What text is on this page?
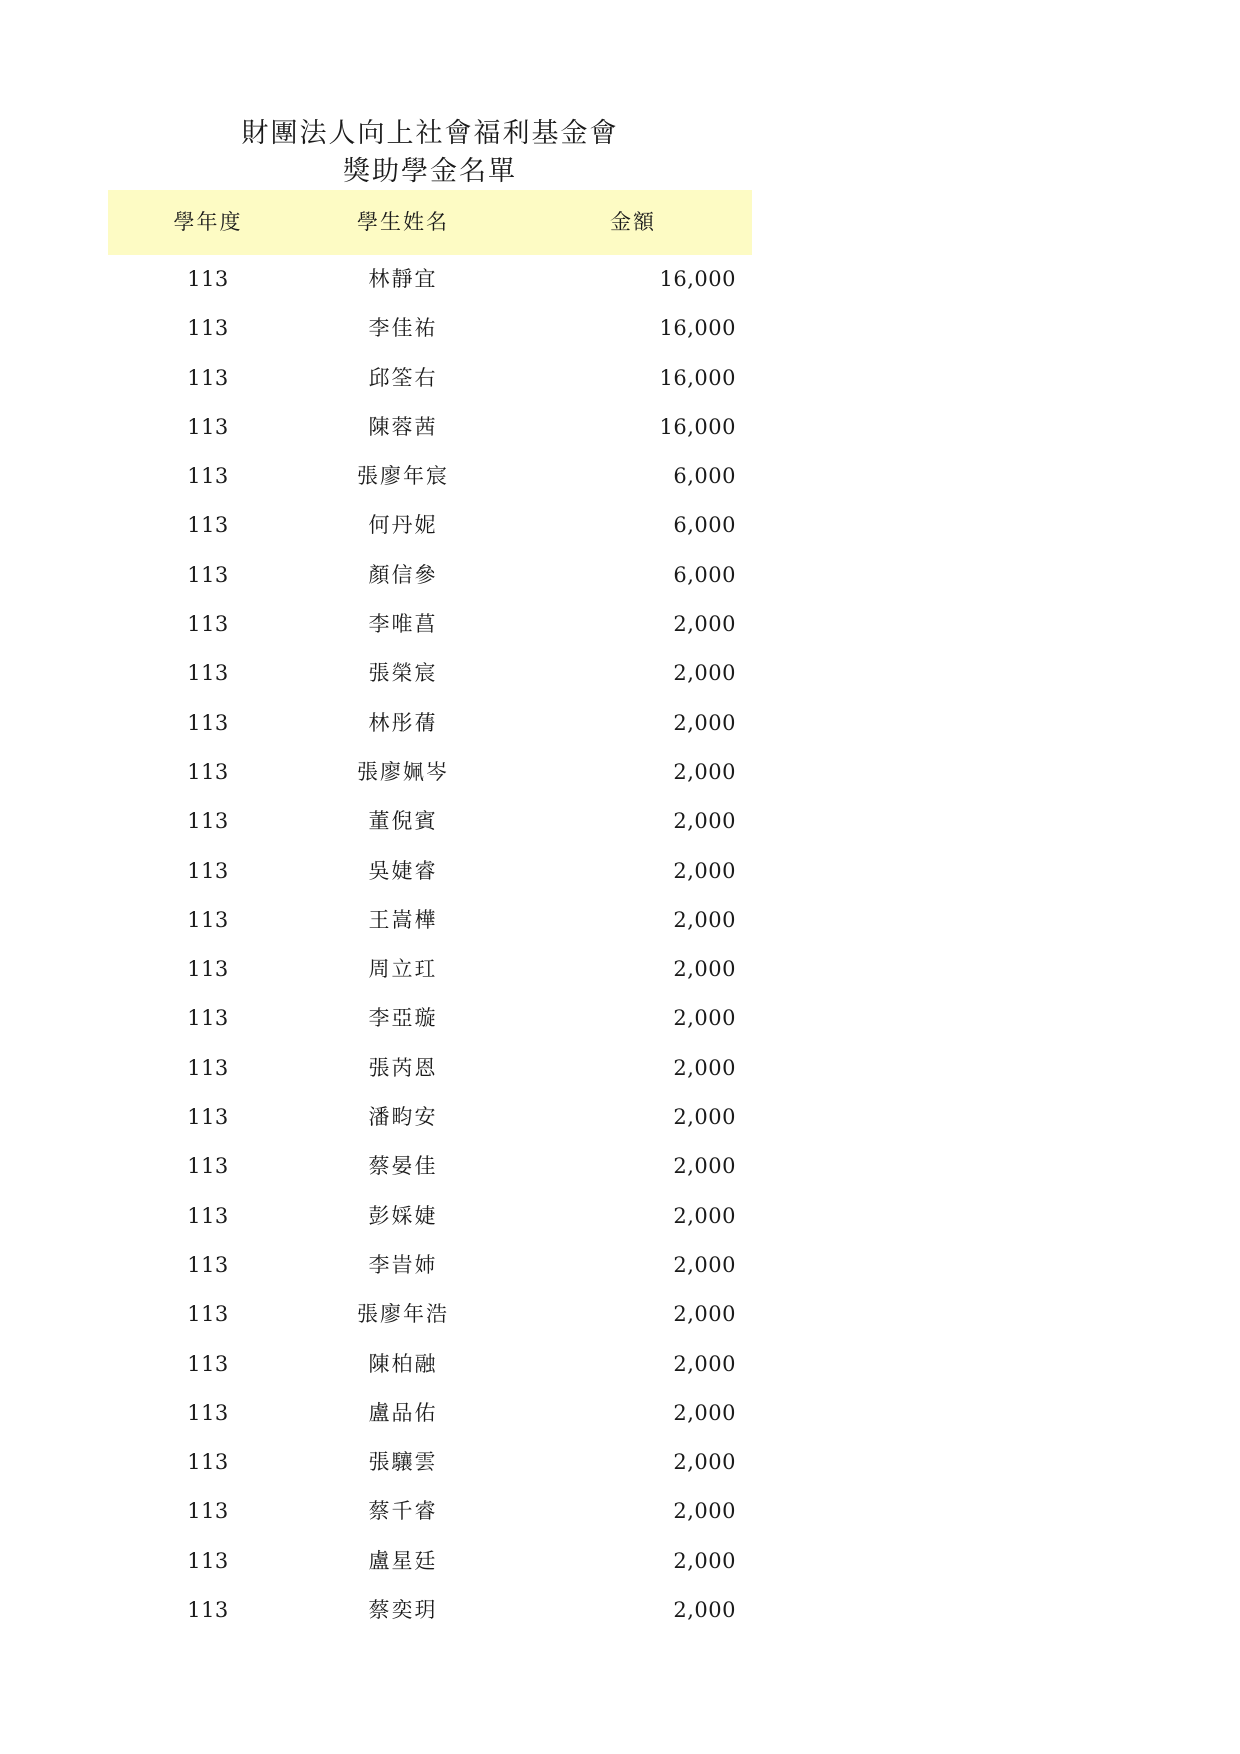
財團法人向上社會福利基金會
獎助學金名單
學年度	學生姓名	金額
113	林靜宜	16,000
113	李佳祐	16,000
113	邱筌右	16,000
113	陳蓉茜	16,000
113	張廖年宸	6,000
113	何丹妮	6,000
113	顏信參	6,000
113	李唯菖	2,000
113	張榮宸	2,000
113	林彤蒨	2,000
113	張廖姵岑	2,000
113	董倪賓	2,000
113	吳婕睿	2,000
113	王嵩樺	2,000
113	周立玒	2,000
113	李亞璇	2,000
113	張芮恩	2,000
113	潘畇安	2,000
113	蔡晏佳	2,000
113	彭婇婕	2,000
113	李旹姉	2,000
113	張廖年浩	2,000
113	陳柏融	2,000
113	盧品佑	2,000
113	張驤雲	2,000
113	蔡千睿	2,000
113	盧星廷	2,000
113	蔡奕玥	2,000
